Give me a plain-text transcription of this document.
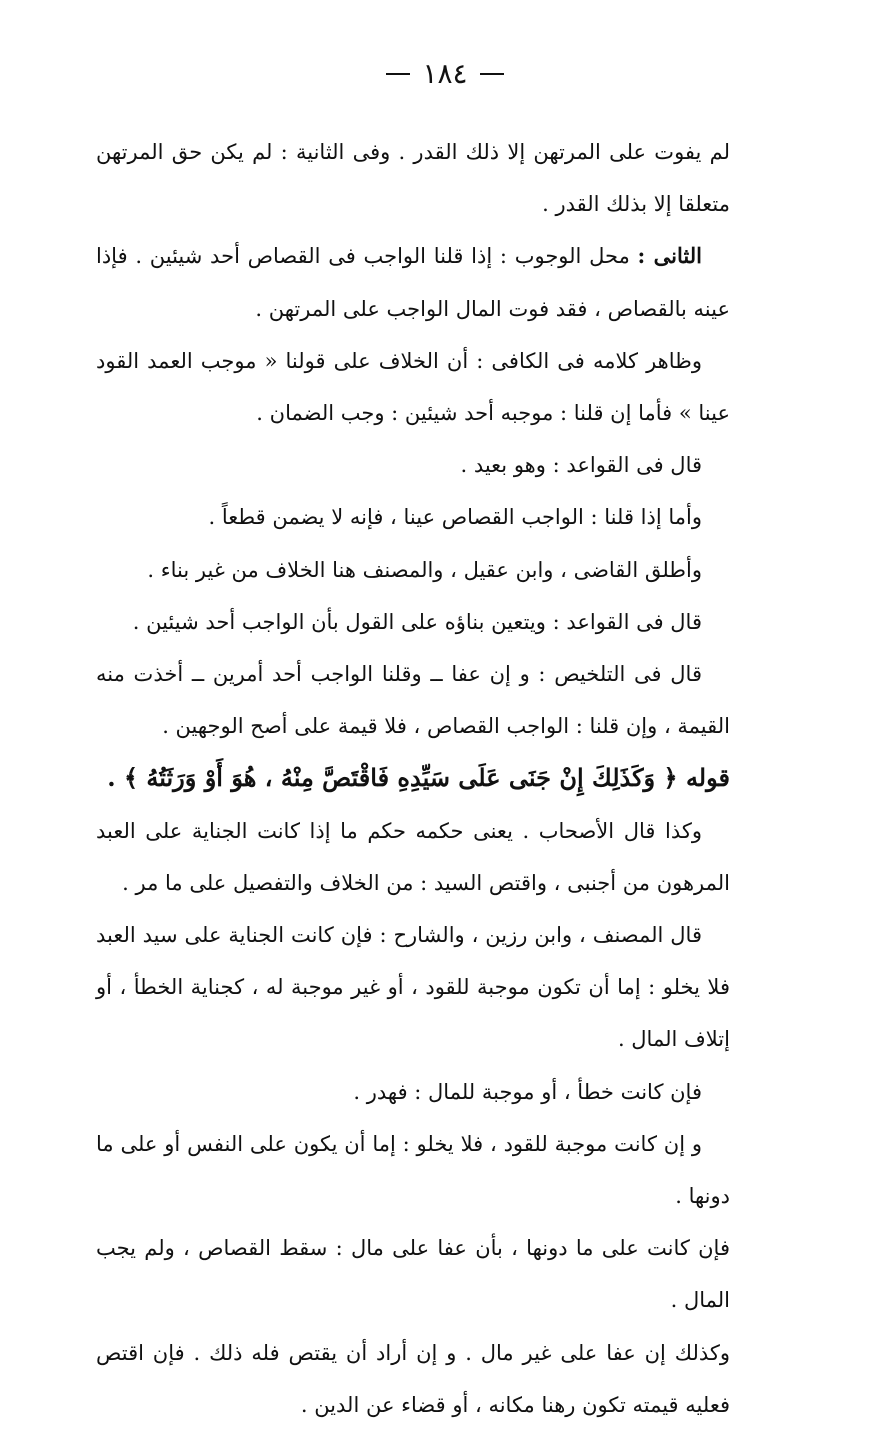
١٨٤

لم يفوت على المرتهن إلا ذلك القدر . وفى الثانية : لم يكن حق المرتهن متعلقا إلا بذلك القدر .

الثانى : محل الوجوب : إذا قلنا الواجب فى القصاص أحد شيئين . فإذا عينه بالقصاص ، فقد فوت المال الواجب على المرتهن .

وظاهر كلامه فى الكافى : أن الخلاف على قولنا « موجب العمد القود عينا » فأما إن قلنا : موجبه أحد شيئين : وجب الضمان .

قال فى القواعد : وهو بعيد .

وأما إذا قلنا : الواجب القصاص عينا ، فإنه لا يضمن قطعاً .

وأطلق القاضى ، وابن عقيل ، والمصنف هنا الخلاف من غير بناء .

قال فى القواعد : ويتعين بناؤه على القول بأن الواجب أحد شيئين .

قال فى التلخيص : و إن عفا ــ وقلنا الواجب أحد أمرين ــ أخذت منه القيمة ، وإن قلنا : الواجب القصاص ، فلا قيمة على أصح الوجهين .

قوله ﴿ وَكَذَلِكَ إِنْ جَنَى عَلَى سَيِّدِهِ فَاقْتَصَّ مِنْهُ ، هُوَ أَوْ وَرَثَتُهُ ﴾ .

وكذا قال الأصحاب . يعنى حكمه حكم ما إذا كانت الجناية على العبد المرهون من أجنبى ، واقتص السيد : من الخلاف والتفصيل على ما مر .

قال المصنف ، وابن رزين ، والشارح : فإن كانت الجناية على سيد العبد فلا يخلو : إما أن تكون موجبة للقود ، أو غير موجبة له ، كجناية الخطأ ، أو إتلاف المال .

فإن كانت خطأ ، أو موجبة للمال : فهدر .

و إن كانت موجبة للقود ، فلا يخلو : إما أن يكون على النفس أو على ما دونها .

فإن كانت على ما دونها ، بأن عفا على مال : سقط القصاص ، ولم يجب المال .

وكذلك إن عفا على غير مال . و إن أراد أن يقتص فله ذلك . فإن اقتص فعليه قيمته تكون رهنا مكانه ، أو قضاء عن الدين .
